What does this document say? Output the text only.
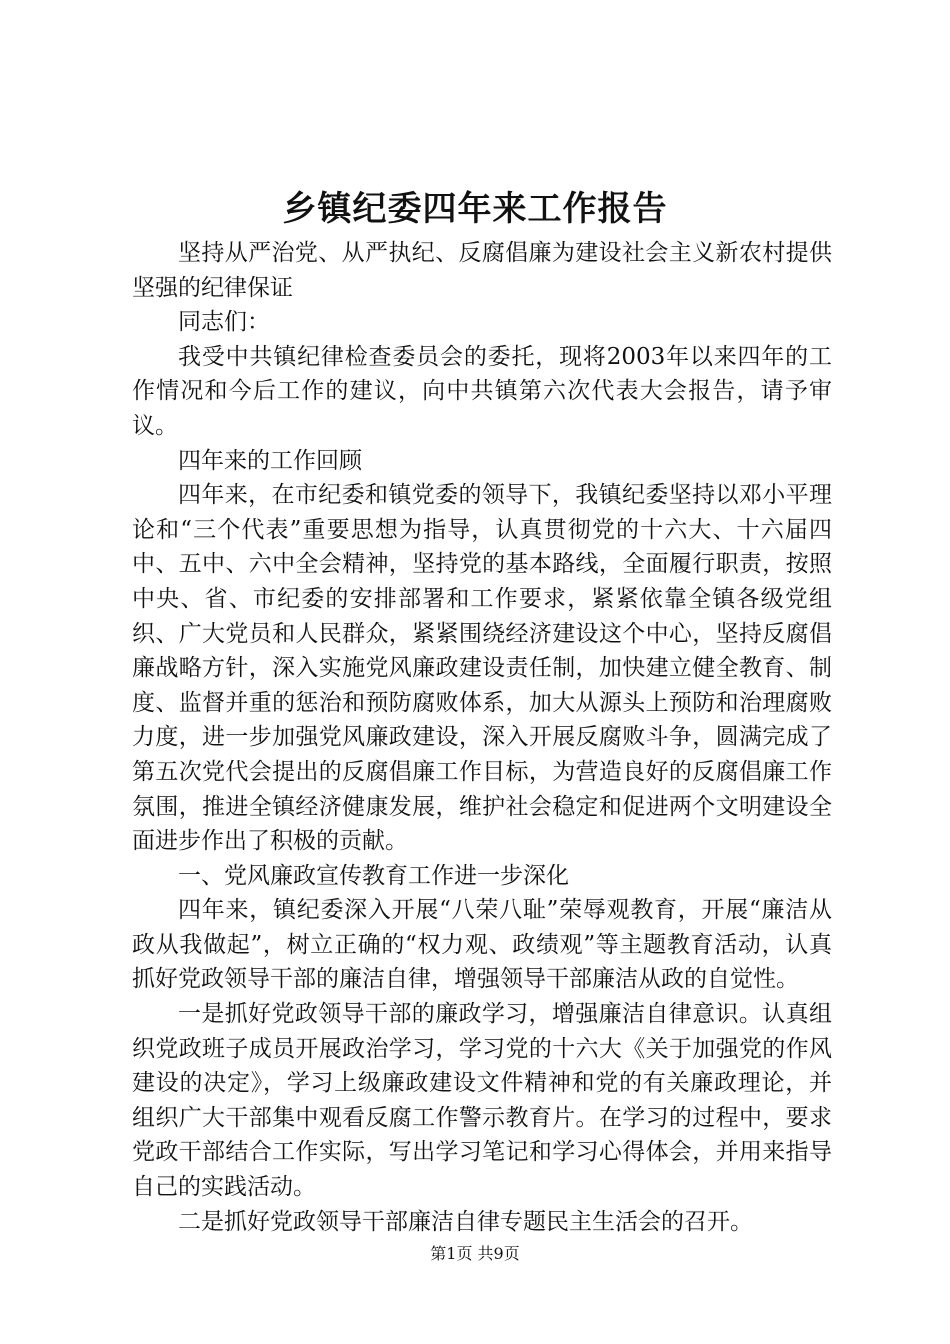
乡镇纪委四年来工作报告

坚持从严治党、从严执纪、反腐倡廉为建设社会主义新农村提供坚强的纪律保证

同志们：

我受中共镇纪律检查委员会的委托，现将2003年以来四年的工作情况和今后工作的建议，向中共镇第六次代表大会报告，请予审议。

四年来的工作回顾

四年来，在市纪委和镇党委的领导下，我镇纪委坚持以邓小平理论和“三个代表”重要思想为指导，认真贯彻党的十六大、十六届四中、五中、六中全会精神，坚持党的基本路线，全面履行职责，按照中央、省、市纪委的安排部署和工作要求，紧紧依靠全镇各级党组织、广大党员和人民群众，紧紧围绕经济建设这个中心，坚持反腐倡廉战略方针，深入实施党风廉政建设责任制，加快建立健全教育、制度、监督并重的惩治和预防腐败体系，加大从源头上预防和治理腐败力度，进一步加强党风廉政建设，深入开展反腐败斗争，圆满完成了第五次党代会提出的反腐倡廉工作目标，为营造良好的反腐倡廉工作氛围，推进全镇经济健康发展，维护社会稳定和促进两个文明建设全面进步作出了积极的贡献。

一、党风廉政宣传教育工作进一步深化

四年来，镇纪委深入开展“八荣八耻”荣辱观教育，开展“廉洁从政从我做起”，树立正确的“权力观、政绩观”等主题教育活动，认真抓好党政领导干部的廉洁自律，增强领导干部廉洁从政的自觉性。

一是抓好党政领导干部的廉政学习，增强廉洁自律意识。认真组织党政班子成员开展政治学习，学习党的十六大《关于加强党的作风建设的决定》，学习上级廉政建设文件精神和党的有关廉政理论，并组织广大干部集中观看反腐工作警示教育片。在学习的过程中，要求党政干部结合工作实际，写出学习笔记和学习心得体会，并用来指导自己的实践活动。

二是抓好党政领导干部廉洁自律专题民主生活会的召开。

第1页 共9页
